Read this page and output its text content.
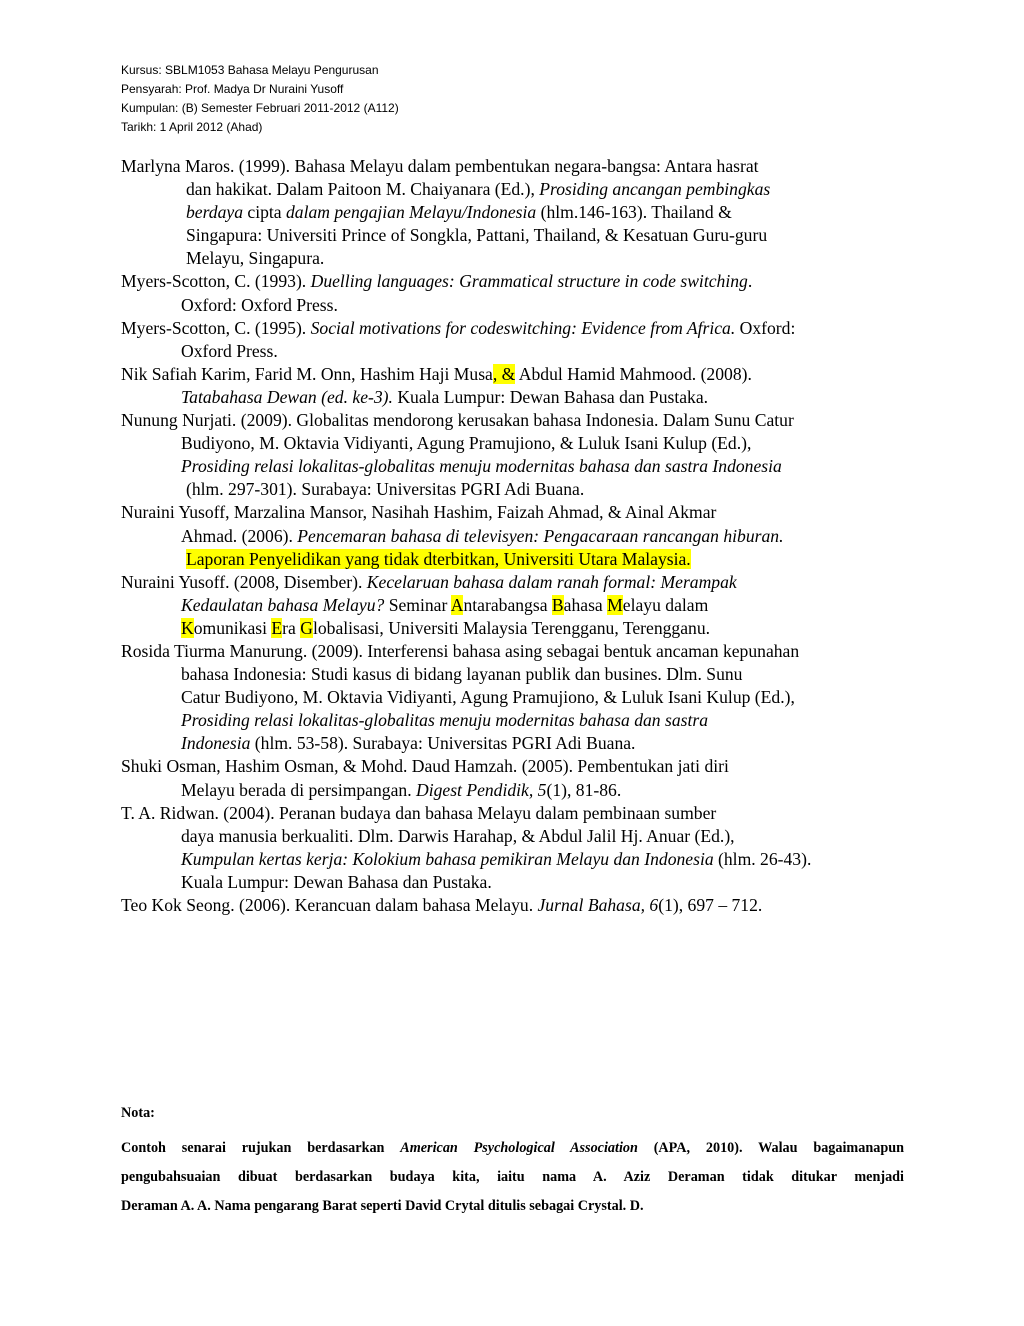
Kursus: SBLM1053 Bahasa Melayu Pengurusan
Pensyarah: Prof. Madya Dr Nuraini Yusoff
Kumpulan: (B) Semester Februari 2011-2012 (A112)
Tarikh: 1 April 2012 (Ahad)
Marlyna Maros. (1999). Bahasa Melayu dalam pembentukan negara-bangsa: Antara hasrat
dan hakikat. Dalam Paitoon M. Chaiyanara (Ed.), Prosiding ancangan pembingkas
berdaya cipta dalam pengajian Melayu/Indonesia (hlm.146-163). Thailand &
Singapura: Universiti Prince of Songkla, Pattani, Thailand, & Kesatuan Guru-guru
Melayu, Singapura.
Myers-Scotton, C. (1993). Duelling languages: Grammatical structure in code switching.
Oxford: Oxford Press.
Myers-Scotton, C. (1995). Social motivations for codeswitching: Evidence from Africa. Oxford:
Oxford Press.
Nik Safiah Karim, Farid M. Onn, Hashim Haji Musa, & Abdul Hamid Mahmood. (2008).
Tatabahasa Dewan (ed. ke-3). Kuala Lumpur: Dewan Bahasa dan Pustaka.
Nunung Nurjati. (2009). Globalitas mendorong kerusakan bahasa Indonesia. Dalam Sunu Catur
Budiyono, M. Oktavia Vidiyanti, Agung Pramujiono, & Luluk Isani Kulup (Ed.),
Prosiding relasi lokalitas-globalitas menuju modernitas bahasa dan sastra Indonesia
(hlm. 297-301). Surabaya: Universitas PGRI Adi Buana.
Nuraini Yusoff, Marzalina Mansor, Nasihah Hashim, Faizah Ahmad, & Ainal Akmar
Ahmad. (2006). Pencemaran bahasa di televisyen: Pengacaraan rancangan hiburan.
Laporan Penyelidikan yang tidak dterbitkan, Universiti Utara Malaysia.
Nuraini Yusoff. (2008, Disember). Kecelaruan bahasa dalam ranah formal: Merampak
Kedaulatan bahasa Melayu? Seminar Antarabangsa Bahasa Melayu dalam
Komunikasi Era Globalisasi, Universiti Malaysia Terengganu, Terengganu.
Rosida Tiurma Manurung. (2009). Interferensi bahasa asing sebagai bentuk ancaman kepunahan
bahasa Indonesia: Studi kasus di bidang layanan publik dan busines. Dlm. Sunu
Catur Budiyono, M. Oktavia Vidiyanti, Agung Pramujiono, & Luluk Isani Kulup (Ed.),
Prosiding relasi lokalitas-globalitas menuju modernitas bahasa dan sastra
Indonesia (hlm. 53-58). Surabaya: Universitas PGRI Adi Buana.
Shuki Osman, Hashim Osman, & Mohd. Daud Hamzah. (2005). Pembentukan jati diri
Melayu berada di persimpangan. Digest Pendidik, 5(1), 81-86.
T. A. Ridwan. (2004). Peranan budaya dan bahasa Melayu dalam pembinaan sumber
daya manusia berkualiti. Dlm. Darwis Harahap, & Abdul Jalil Hj. Anuar (Ed.),
Kumpulan kertas kerja: Kolokium bahasa pemikiran Melayu dan Indonesia (hlm. 26-43).
Kuala Lumpur: Dewan Bahasa dan Pustaka.
Teo Kok Seong. (2006). Kerancuan dalam bahasa Melayu. Jurnal Bahasa, 6(1), 697 – 712.
Nota:
Contoh senarai rujukan berdasarkan American Psychological Association (APA, 2010). Walau bagaimanapun
pengubahsuaian dibuat berdasarkan budaya kita, iaitu nama A. Aziz Deraman tidak ditukar menjadi
Deraman A. A. Nama pengarang Barat seperti David Crytal ditulis sebagai Crystal. D.
